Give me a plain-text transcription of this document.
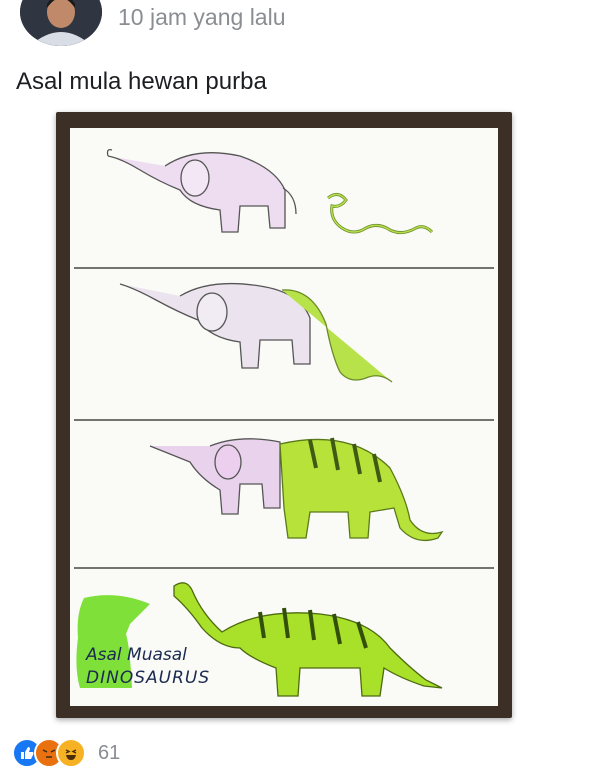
10 jam yang lalu
Asal mula hewan purba
Asal Muasal
DINOSAURUS
61
